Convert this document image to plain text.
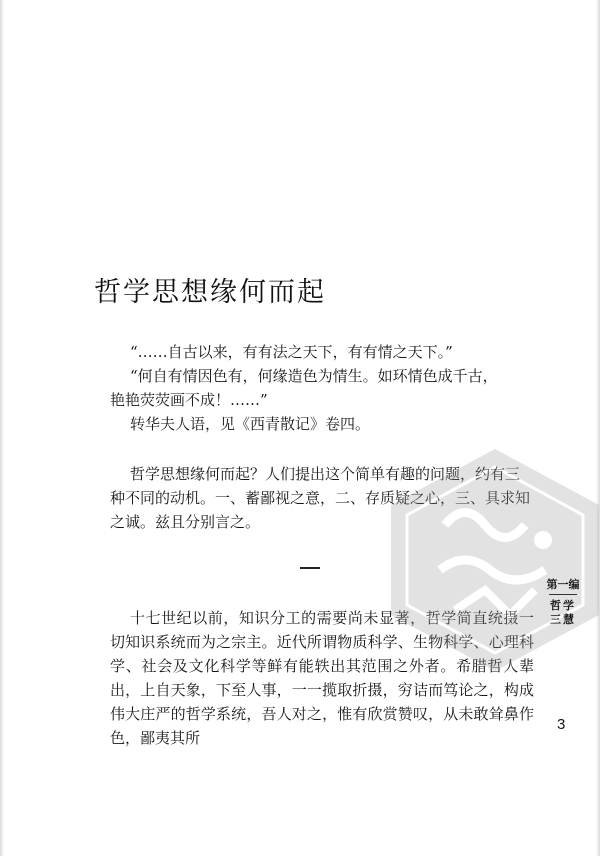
哲学思想缘何而起

“……自古以来，有有法之天下，有有情之天下。”

“何自有情因色有，何缘造色为情生。如环情色成千古，艳艳荧荧画不成！……”

转华夫人语，见《西青散记》卷四。

哲学思想缘何而起？人们提出这个简单有趣的问题，约有三种不同的动机。一、蓄鄙视之意，二、存质疑之心，三、具求知之诚。兹且分别言之。

十七世纪以前，知识分工的需要尚未显著，哲学简直统摄一切知识系统而为之宗主。近代所谓物质科学、生物科学、心理科学、社会及文化科学等鲜有能轶出其范围之外者。希腊哲人辈出，上自天象，下至人事，一一揽取折摄，穷诘而笃论之，构成伟大庄严的哲学系统，吾人对之，惟有欣赏赞叹，从未敢耸鼻作色，鄙夷其所

第一编
哲学三慧
3
